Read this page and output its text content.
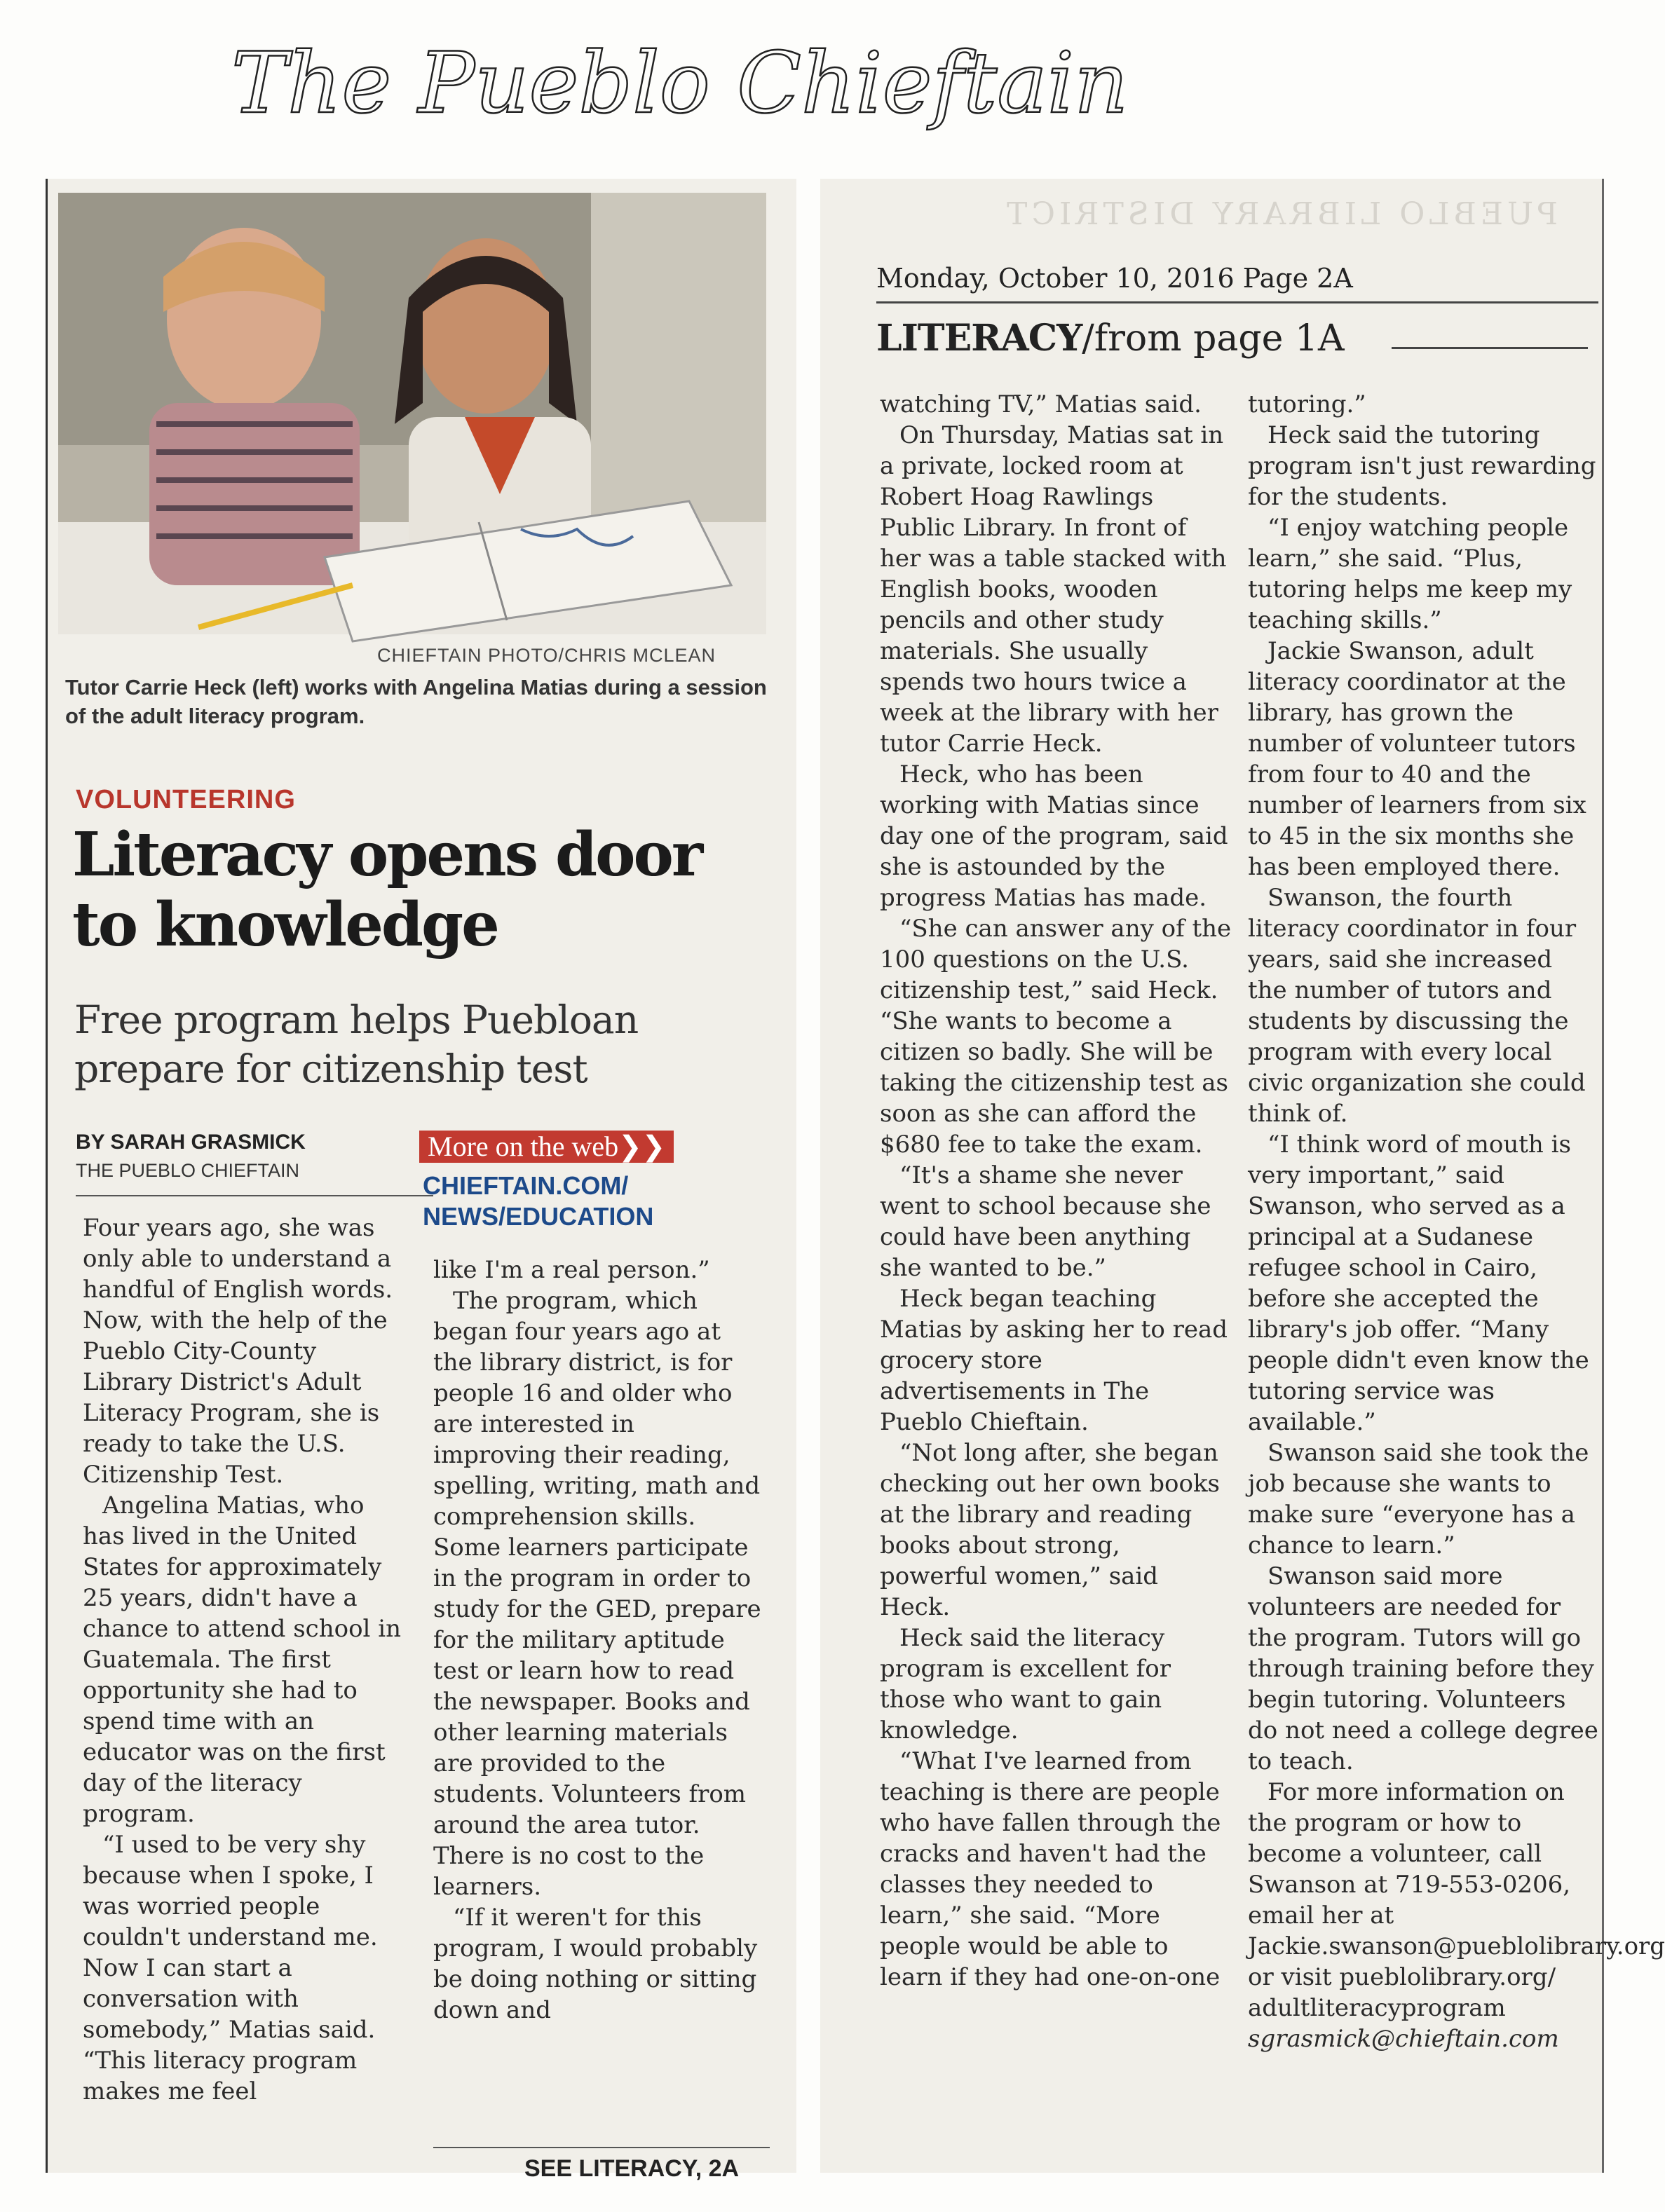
The Pueblo Chieftain
CHIEFTAIN PHOTO/CHRIS MCLEAN
Tutor Carrie Heck (left) works with Angelina Matias during a session of the adult literacy program.
VOLUNTEERING
Literacy opens door to knowledge
Free program helps Puebloan prepare for citizenship test
BY SARAH GRASMICK
THE PUEBLO CHIEFTAIN
More on the web❯❯
CHIEFTAIN.COM/ NEWS/EDUCATION

Four years ago, she was only able to understand a handful of English words. Now, with the help of the Pueblo City-County Library District's Adult Literacy Program, she is ready to take the U.S. Citizenship Test.

Angelina Matias, who has lived in the United States for approximately 25 years, didn't have a chance to attend school in Guatemala. The first opportunity she had to spend time with an educator was on the first day of the literacy program.

“I used to be very shy because when I spoke, I was worried people couldn't understand me. Now I can start a conversation with somebody,” Matias said. “This literacy program makes me feel

like I'm a real person.”

The program, which began four years ago at the library district, is for people 16 and older who are interested in improving their reading, spelling, writing, math and comprehension skills. Some learners participate in the program in order to study for the GED, prepare for the military aptitude test or learn how to read the newspaper. Books and other learning materials are provided to the students. Volunteers from around the area tutor. There is no cost to the learners.

“If it weren't for this program, I would probably be doing nothing or sitting down and

SEE LITERACY, 2A
PUEBLO LIBRARY DISTRICT
Monday, October 10, 2016 Page 2A
LITERACY/from page 1A

watching TV,” Matias said.

On Thursday, Matias sat in a private, locked room at Robert Hoag Rawlings Public Library. In front of her was a table stacked with English books, wooden pencils and other study materials. She usually spends two hours twice a week at the library with her tutor Carrie Heck.

Heck, who has been working with Matias since day one of the program, said she is astounded by the progress Matias has made.

“She can answer any of the 100 questions on the U.S. citizenship test,” said Heck. “She wants to become a citizen so badly. She will be taking the citizenship test as soon as she can afford the $680 fee to take the exam.

“It's a shame she never went to school because she could have been anything she wanted to be.”

Heck began teaching Matias by asking her to read grocery store advertisements in The Pueblo Chieftain.

“Not long after, she began checking out her own books at the library and reading books about strong, powerful women,” said Heck.

Heck said the literacy program is excellent for those who want to gain knowledge.

“What I've learned from teaching is there are people who have fallen through the cracks and haven't had the classes they needed to learn,” she said. “More people would be able to learn if they had one-on-one

tutoring.”

Heck said the tutoring program isn't just rewarding for the students.

“I enjoy watching people learn,” she said. “Plus, tutoring helps me keep my teaching skills.”

Jackie Swanson, adult literacy coordinator at the library, has grown the number of volunteer tutors from four to 40 and the number of learners from six to 45 in the six months she has been employed there.

Swanson, the fourth literacy coordinator in four years, said she increased the number of tutors and students by discussing the program with every local civic organization she could think of.

“I think word of mouth is very important,” said Swanson, who served as a principal at a Sudanese refugee school in Cairo, before she accepted the library's job offer. “Many people didn't even know the tutoring service was available.”

Swanson said she took the job because she wants to make sure “everyone has a chance to learn.”

Swanson said more volunteers are needed for the program. Tutors will go through training before they begin tutoring. Volunteers do not need a college degree to teach.

For more information on the program or how to become a volunteer, call Swanson at 719-553-0206, email her at Jackie.swanson@pueblolibrary.org or visit pueblolibrary.org/ adultliteracyprogram

sgrasmick@chieftain.com
